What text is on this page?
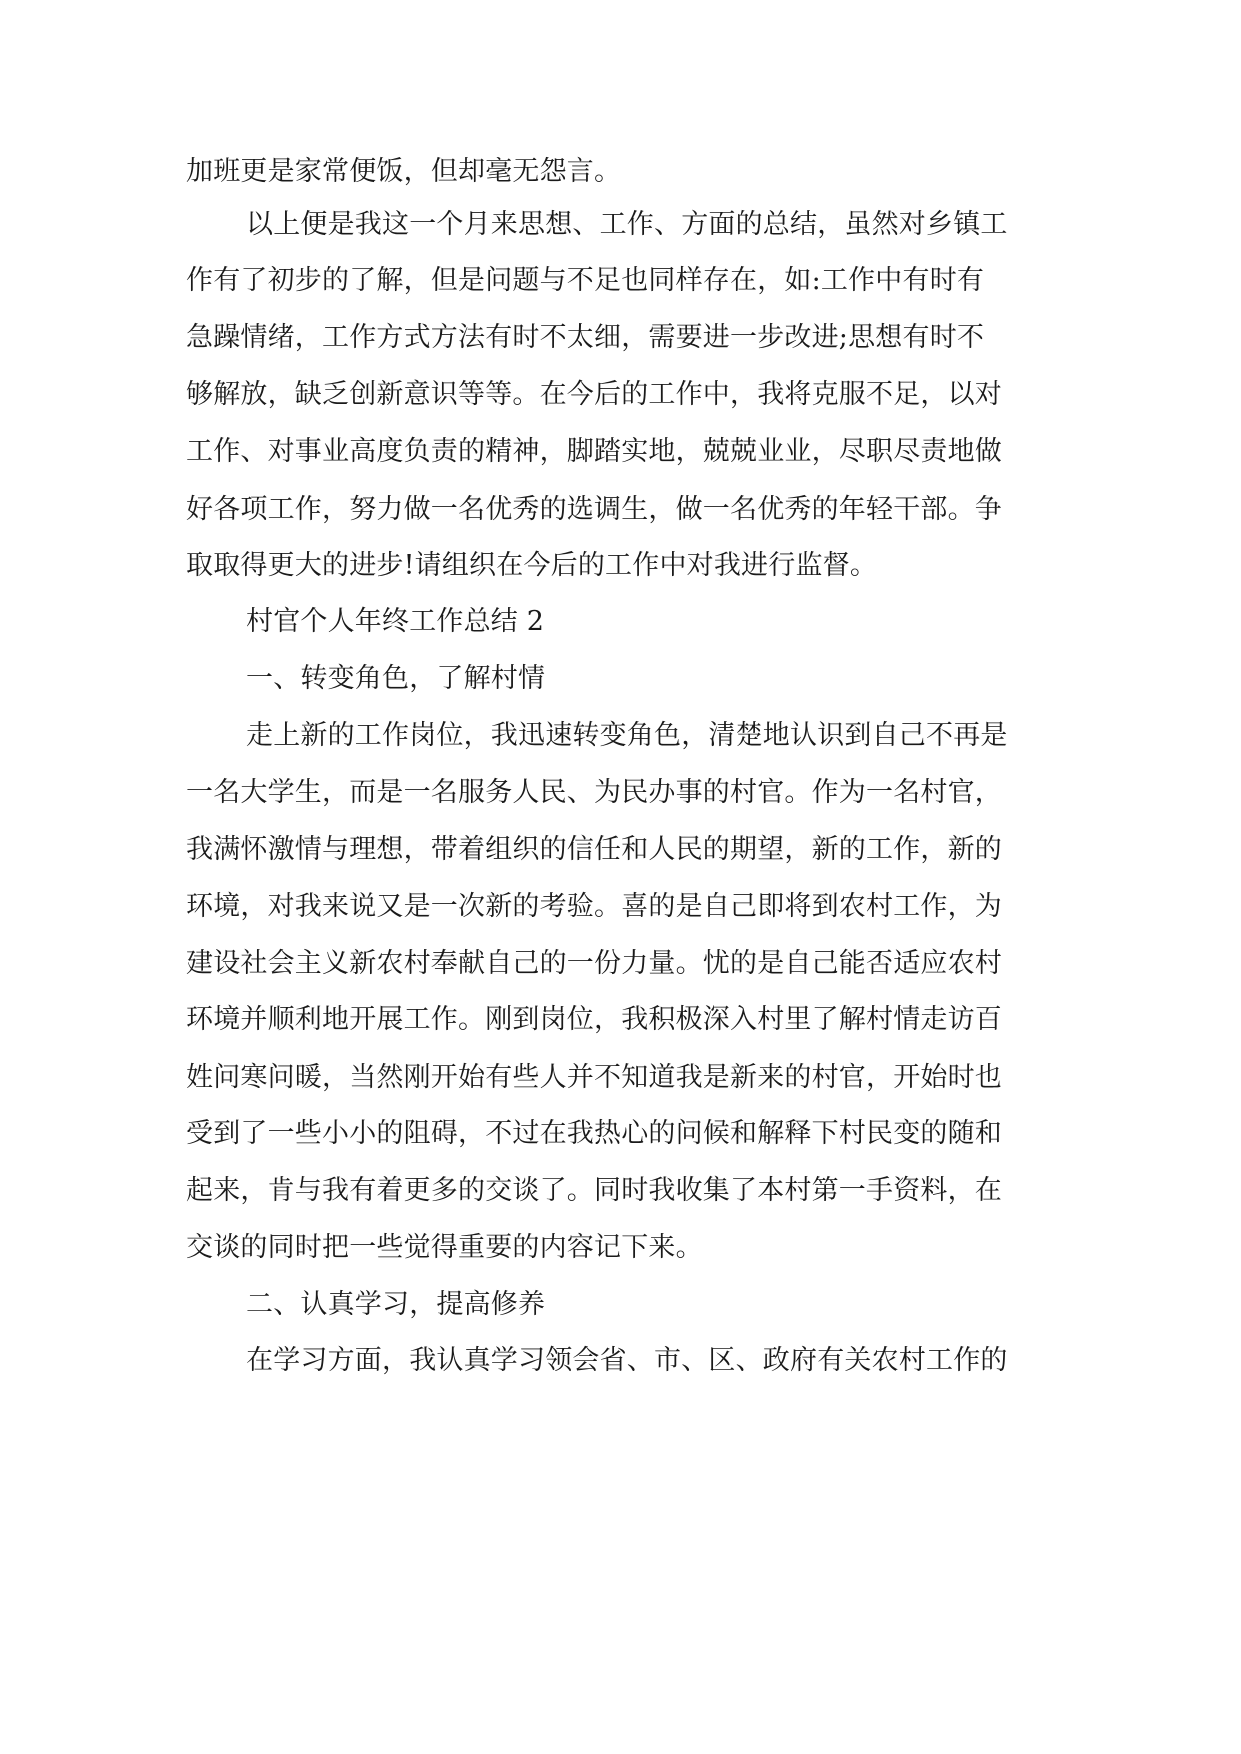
加班更是家常便饭，但却毫无怨言。
以上便是我这一个月来思想、工作、方面的总结，虽然对乡镇工
作有了初步的了解，但是问题与不足也同样存在，如:工作中有时有
急躁情绪，工作方式方法有时不太细，需要进一步改进;思想有时不
够解放，缺乏创新意识等等。在今后的工作中，我将克服不足，以对
工作、对事业高度负责的精神，脚踏实地，兢兢业业，尽职尽责地做
好各项工作，努力做一名优秀的选调生，做一名优秀的年轻干部。争
取取得更大的进步!请组织在今后的工作中对我进行监督。
村官个人年终工作总结 2
一、转变角色，了解村情
走上新的工作岗位，我迅速转变角色，清楚地认识到自己不再是
一名大学生，而是一名服务人民、为民办事的村官。作为一名村官，
我满怀激情与理想，带着组织的信任和人民的期望，新的工作，新的
环境，对我来说又是一次新的考验。喜的是自己即将到农村工作，为
建设社会主义新农村奉献自己的一份力量。忧的是自己能否适应农村
环境并顺利地开展工作。刚到岗位，我积极深入村里了解村情走访百
姓问寒问暖，当然刚开始有些人并不知道我是新来的村官，开始时也
受到了一些小小的阻碍，不过在我热心的问候和解释下村民变的随和
起来，肯与我有着更多的交谈了。同时我收集了本村第一手资料，在
交谈的同时把一些觉得重要的内容记下来。
二、认真学习，提高修养
在学习方面，我认真学习领会省、市、区、政府有关农村工作的
